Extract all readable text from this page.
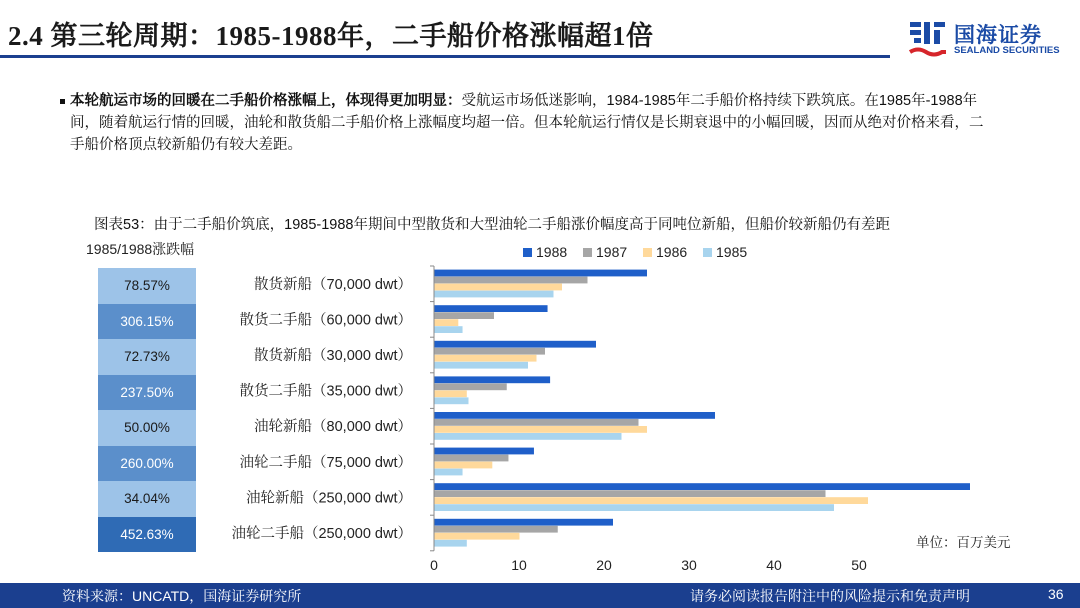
2.4 第三轮周期：1985-1988年，二手船价格涨幅超1倍	国海证券
SEALAND SECURITIES
本轮航运市场的回暖在二手船价格涨幅上，体现得更加明显：受航运市场低迷影响，1984-1985年二手船价格持续下跌筑底。在1985年-1988年间，随着航运行情的回暖，油轮和散货船二手船价格上涨幅度均超一倍。但本轮航运行情仅是长期衰退中的小幅回暖，因而从绝对价格来看，二手船价格顶点较新船仍有较大差距。
图表53：由于二手船价筑底，1985-1988年期间中型散货和大型油轮二手船涨价幅度高于同吨位新船，但船价较新船仍有差距
1985/1988涨跌幅
78.57%
306.15%
72.73%
237.50%
50.00%
260.00%
34.04%
452.63%
1988 1987 1986 1985
散货新船（70,000 dwt）
散货二手船（60,000 dwt）
散货新船（30,000 dwt）
散货二手船（35,000 dwt）
油轮新船（80,000 dwt）
油轮二手船（75,000 dwt）
油轮新船（250,000 dwt）
油轮二手船（250,000 dwt）
0	10	20	30	40	50
单位：百万美元
资料来源：UNCATD，国海证券研究所	请务必阅读报告附注中的风险提示和免责声明	36
